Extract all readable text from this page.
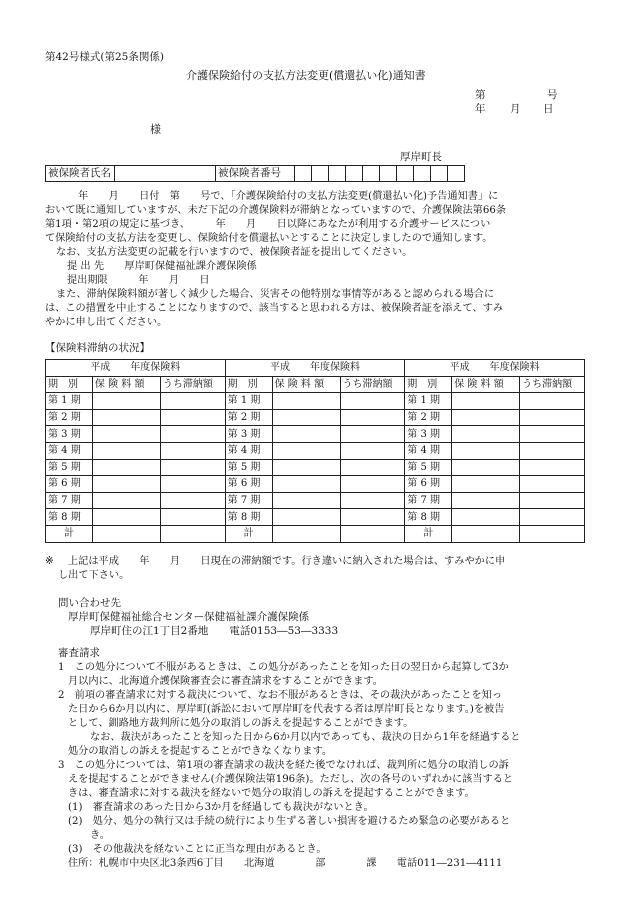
第42号様式(第25条関係)
介護保険給付の支払方法変更(償還払い化)通知書
第	号
年 月 日
様
厚岸町長
被保険者氏名		被保険者番号										
年　　月　　日付　第　　号で、「介護保険給付の支払方法変更(償還払い化)予告通知書」に
おいて既に通知していますが、未だ下記の介護保険料が滞納となっていますので、介護保険法第66条
第1項・第2項の規定に基づき、　　　年　　月　　日以降にあなたが利用する介護サービスについ
て保険給付の支払方法を変更し、保険給付を償還払いとすることに決定しましたので通知します。
なお、支払方法変更の記載を行いますので、被保険者証を提出してください。
提 出 先　　厚岸町保健福祉課介護保険係
提出期限　　　年　　月　　日
また、滞納保険料額が著しく減少した場合、災害その他特別な事情等があると認められる場合に
は、この措置を中止することになりますので、該当すると思われる方は、被保険者証を添えて、すみ
やかに申し出てください。
【保険料滞納の状況】
平成　　年度保険料			平成　　年度保険料			平成　　年度保険料		
期　別	保 険 料 額	うち滞納額	期　別	保 険 料 額	うち滞納額	期　別	保 険 料 額	うち滞納額
第 1 期			第 1 期			第 1 期		
第 2 期			第 2 期			第 2 期		
第 3 期			第 3 期			第 3 期		
第 4 期			第 4 期			第 4 期		
第 5 期			第 5 期			第 5 期		
第 6 期			第 6 期			第 6 期		
第 7 期			第 7 期			第 7 期		
第 8 期			第 8 期			第 8 期		
計			計			計		
※ 上記は平成　　年　　月　　日現在の滞納額です。行き違いに納入された場合は、すみやかに申
し出て下さい。
問い合わせ先
厚岸町保健福祉総合センター保健福祉課介護保険係
厚岸町住の江1丁目2番地　　電話0153―53―3333
審査請求
1　この処分について不服があるときは、この処分があったことを知った日の翌日から起算して3か
月以内に、北海道介護保険審査会に審査請求をすることができます。
2　前項の審査請求に対する裁決について、なお不服があるときは、その裁決があったことを知っ
た日から6か月以内に、厚岸町(訴訟において厚岸町を代表する者は厚岸町長となります。)を被告
として、釧路地方裁判所に処分の取消しの訴えを提起することができます。
なお、裁決があったことを知った日から6か月以内であっても、裁決の日から1年を経過すると
処分の取消しの訴えを提起することができなくなります。
3　この処分については、第1項の審査請求の裁決を経た後でなければ、裁判所に処分の取消しの訴
えを提起することができません(介護保険法第196条)。ただし、次の各号のいずれかに該当すると
きは、審査請求に対する裁決を経ないで処分の取消しの訴えを提起することができます。
(1)　審査請求のあった日から3か月を経過しても裁決がないとき。
(2)　処分、処分の執行又は手続の続行により生ずる著しい損害を避けるため緊急の必要があると
き。
(3)　その他裁決を経ないことに正当な理由があるとき。
住所：札幌市中央区北3条西6丁目　　北海道　　　　部　　　　課　　電話011―231―4111
